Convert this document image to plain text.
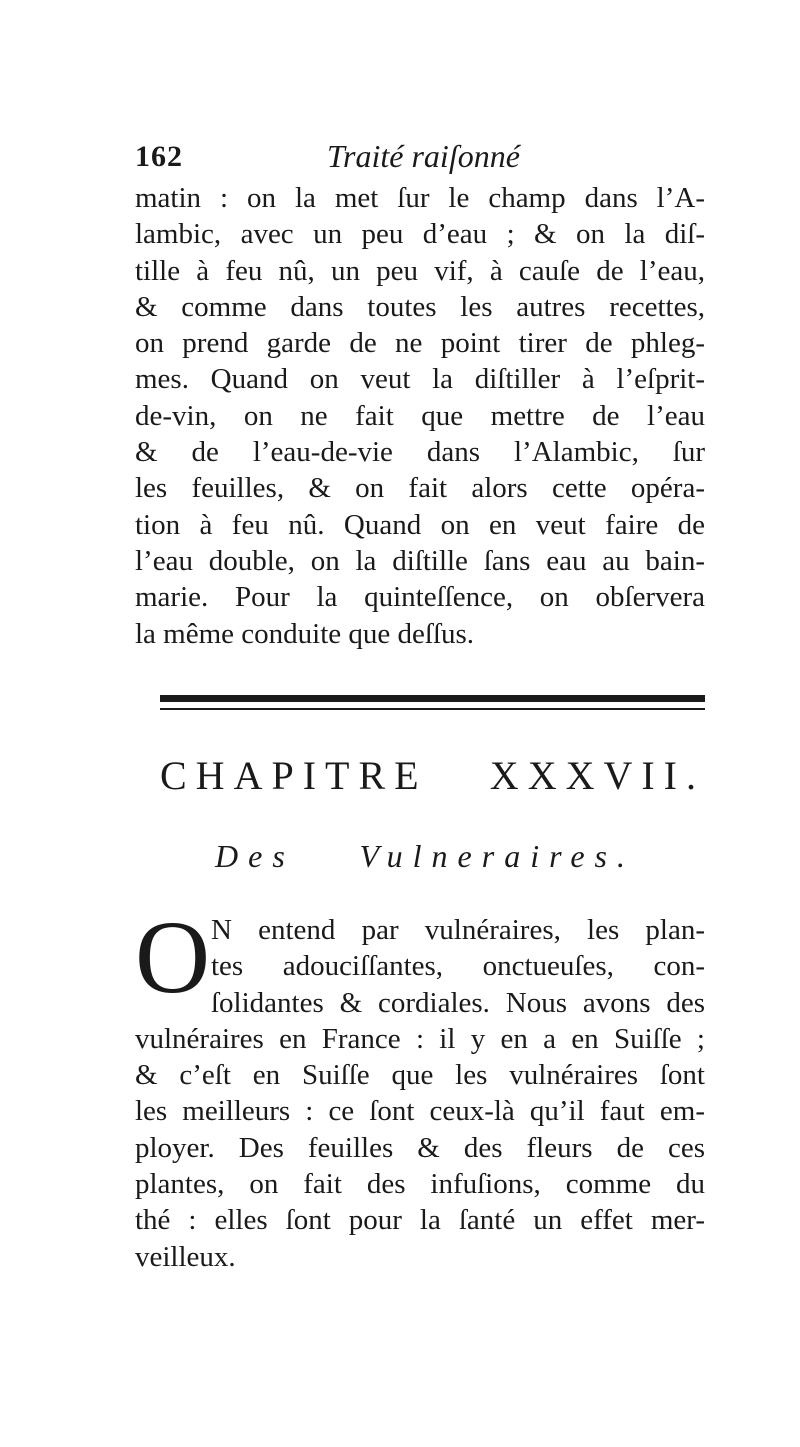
162	Traité raiſonné
matin : on la met ſur le champ dans l’A-
lambic, avec un peu d’eau ; & on la diſ-
tille à feu nû, un peu vif, à cauſe de l’eau,
& comme dans toutes les autres recettes,
on prend garde de ne point tirer de phleg-
mes. Quand on veut la diſtiller à l’eſprit-
de-vin, on ne fait que mettre de l’eau
& de l’eau-de-vie dans l’Alambic, ſur
les feuilles, & on fait alors cette opéra-
tion à feu nû. Quand on en veut faire de
l’eau double, on la diſtille ſans eau au bain-
marie. Pour la quinteſſence, on obſervera
la même conduite que deſſus.
CHAPITRE XXXVII.
Des Vulneraires.
O N entend par vulnéraires, les plan-
tes adouciſſantes, onctueuſes, con-
ſolidantes & cordiales. Nous avons des
vulnéraires en France : il y en a en Suiſſe ;
& c’eſt en Suiſſe que les vulnéraires ſont
les meilleurs : ce ſont ceux-là qu’il faut em-
ployer. Des feuilles & des fleurs de ces
plantes, on fait des infuſions, comme du
thé : elles ſont pour la ſanté un effet mer-
veilleux.
